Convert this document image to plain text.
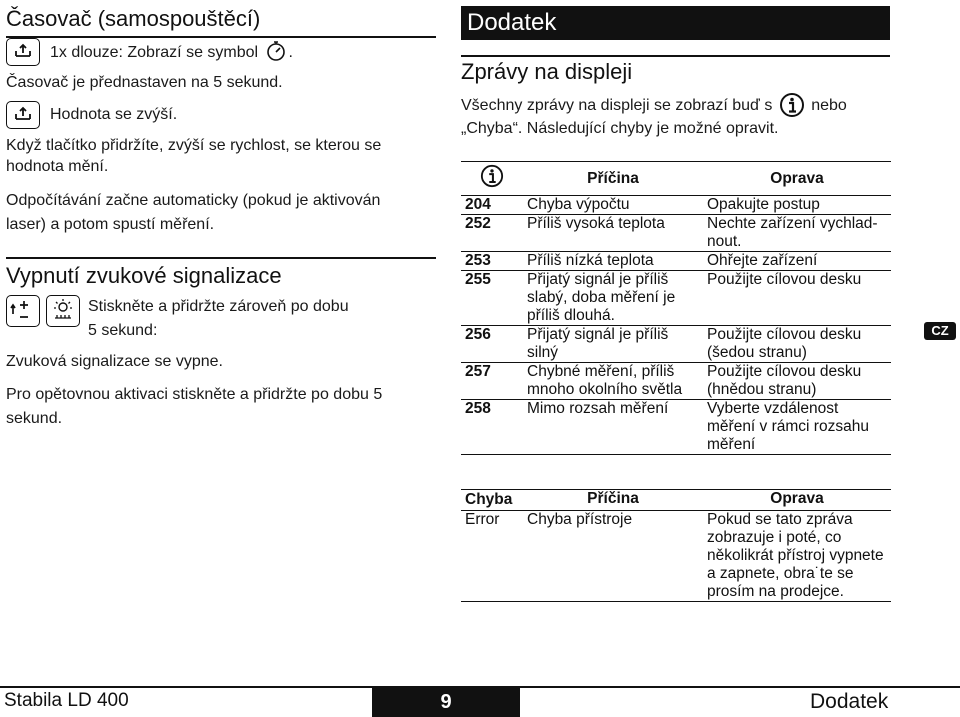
Časovač (samospouštěcí)
1x dlouze: Zobrazí se symbol .
Časovač je přednastaven na 5 sekund.
Hodnota se zvýší.
Když tlačítko přidržíte, zvýší se rychlost, se kterou se
hodnota mění.
Odpočítávání začne automaticky (pokud je aktivován
laser) a potom spustí měření.
Vypnutí zvukové signalizace
Stiskněte a přidržte zároveň po dobu
5 sekund:
Zvuková signalizace se vypne.
Pro opětovnou aktivaci stiskněte a přidržte po dobu 5
sekund.
Dodatek
Zprávy na displeji
Všechny zprávy na displeji se zobrazí buď s nebo
„Chyba“. Následující chyby je možné opravit.
	Příčina	Oprava
204	Chyba výpočtu	Opakujte postup
252	Příliš vysoká teplota	Nechte zařízení vychlad-nout.
253	Příliš nízká teplota	Ohřejte zařízení
255	Přijatý signál je příliš slabý, doba měření je příliš dlouhá.	Použijte cílovou desku
256	Přijatý signál je příliš silný	Použijte cílovou desku (šedou stranu)
257	Chybné měření, příliš mnoho okolního světla	Použijte cílovou desku (hnědou stranu)
258	Mimo rozsah měření	Vyberte vzdálenost měření v rámci rozsahu měření
Chyba	Příčina	Oprava
Error	Chyba přístroje	Pokud se tato zpráva zobrazuje i poté, co několikrát přístroj vypnete a zapnete, obra˙te se prosím na prodejce.
CZ
Stabila LD 400	9	Dodatek
